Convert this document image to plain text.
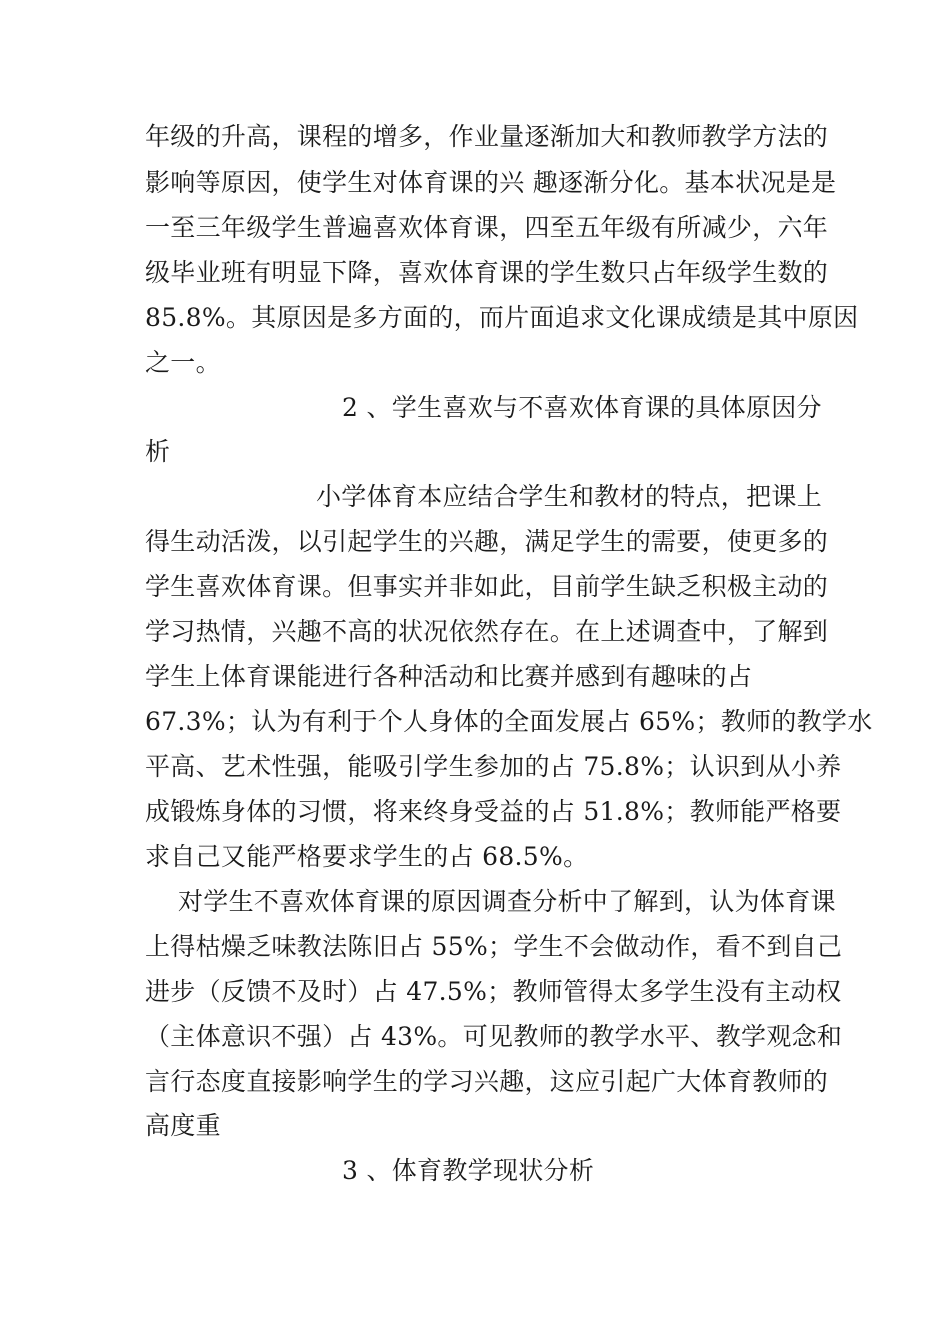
年级的升高，课程的增多，作业量逐渐加大和教师教学方法的
影响等原因，使学生对体育课的兴 趣逐渐分化。基本状况是是
一至三年级学生普遍喜欢体育课，四至五年级有所减少，六年
级毕业班有明显下降，喜欢体育课的学生数只占年级学生数的
85.8%。其原因是多方面的，而片面追求文化课成绩是其中原因
之一。
2 、学生喜欢与不喜欢体育课的具体原因分
析
小学体育本应结合学生和教材的特点，把课上
得生动活泼，以引起学生的兴趣，满足学生的需要，使更多的
学生喜欢体育课。但事实并非如此，目前学生缺乏积极主动的
学习热情，兴趣不高的状况依然存在。在上述调查中，了解到
学生上体育课能进行各种活动和比赛并感到有趣味的占
67.3%；认为有利于个人身体的全面发展占 65%；教师的教学水
平高、艺术性强，能吸引学生参加的占 75.8%；认识到从小养
成锻炼身体的习惯，将来终身受益的占 51.8%；教师能严格要
求自己又能严格要求学生的占 68.5%。
对学生不喜欢体育课的原因调查分析中了解到，认为体育课
上得枯燥乏味教法陈旧占 55%；学生不会做动作，看不到自己
进步（反馈不及时）占 47.5%；教师管得太多学生没有主动权
（主体意识不强）占 43%。可见教师的教学水平、教学观念和
言行态度直接影响学生的学习兴趣，这应引起广大体育教师的
高度重
3 、体育教学现状分析
